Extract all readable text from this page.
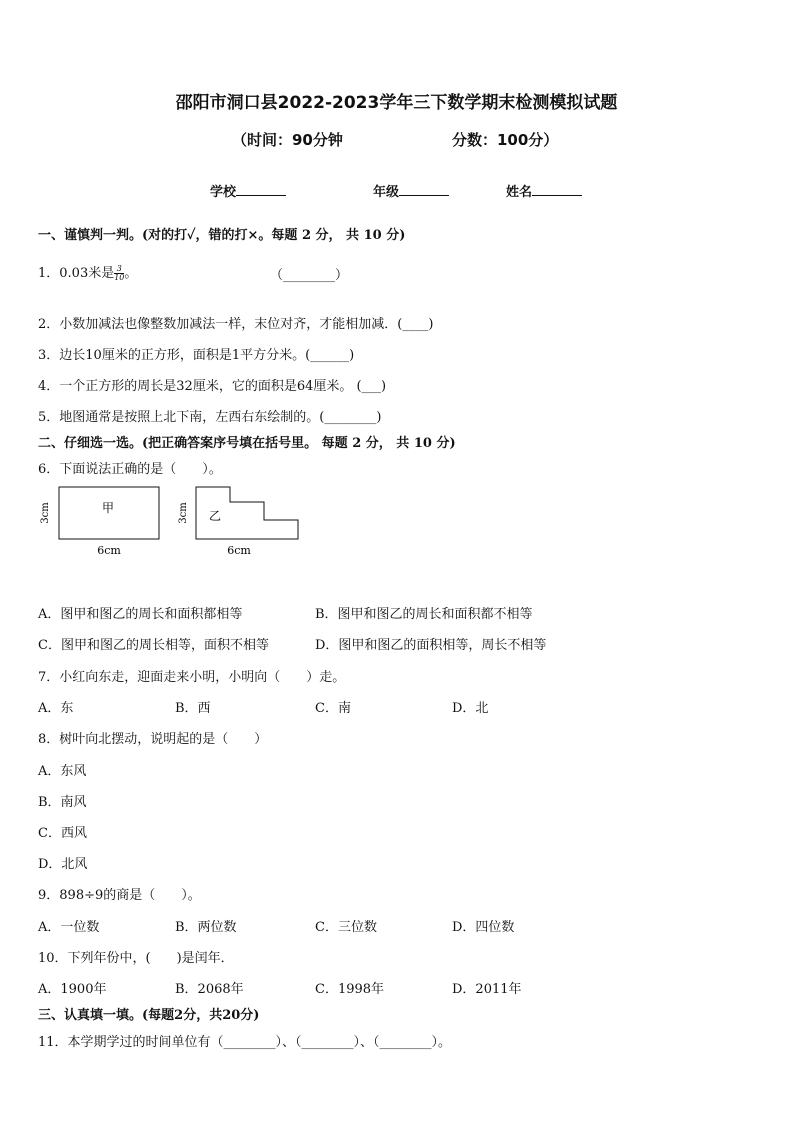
邵阳市洞口县2022-2023学年三下数学期末检测模拟试题
（时间：90分钟	分数：100分）
学校	年级	姓名
一、谨慎判一判。(对的打✓，错的打×。每题 2 分， 共 10 分)
1．0.03米是 $\frac{3}{10}$ 。	（________）
2．小数加减法也像整数加减法一样，末位对齐，才能相加减．(____)
3．边长10厘米的正方形，面积是1平方分米。(______)
4．一个正方形的周长是32厘米，它的面积是64厘米。 (___)
5．地图通常是按照上北下南，左西右东绘制的。(________)
二、仔细选一选。(把正确答案序号填在括号里。 每题 2 分， 共 10 分)
6．下面说法正确的是（　　）。
甲
3cm
6cm
乙
3cm
6cm
A．图甲和图乙的周长和面积都相等	B．图甲和图乙的周长和面积都不相等
C．图甲和图乙的周长相等，面积不相等	D．图甲和图乙的面积相等，周长不相等
7．小红向东走，迎面走来小明，小明向（　　）走。
A．东	B．西	C．南	D．北
8．树叶向北摆动，说明起的是（　　）
A．东风
B．南风
C．西风
D．北风
9．898÷9的商是（　　）。
A．一位数	B．两位数	C．三位数	D．四位数
10．下列年份中，(　　)是闰年．
A．1900年	B．2068年	C．1998年	D．2011年
三、认真填一填。(每题2分，共20分)
11．本学期学过的时间单位有（________）、（________）、（________）。
